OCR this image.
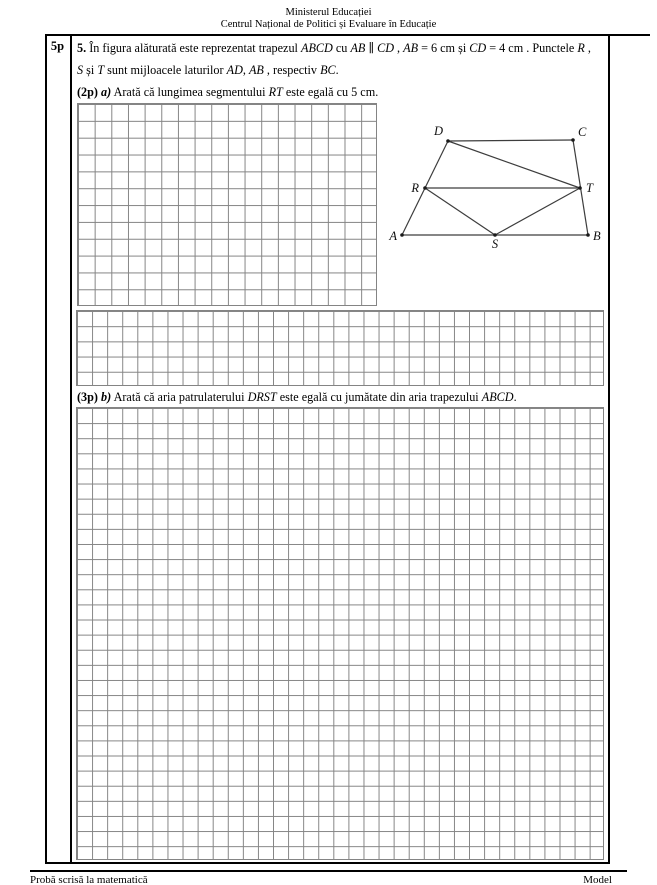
Ministerul Educației
Centrul Național de Politici și Evaluare în Educație
5p	5. În figura alăturată este reprezentat trapezul ABCD cu AB ∥ CD , AB = 6 cm și CD = 4 cm . Punctele R ,
S și T sunt mijloacele laturilor AD, AB , respectiv BC.
(2p) a) Arată că lungimea segmentului RT este egală cu 5 cm.
A	B
C
D
R
S
T
(3p) b) Arată că aria patrulaterului DRST este egală cu jumătate din aria trapezului ABCD.
Probă scrisă la matematică	Model
